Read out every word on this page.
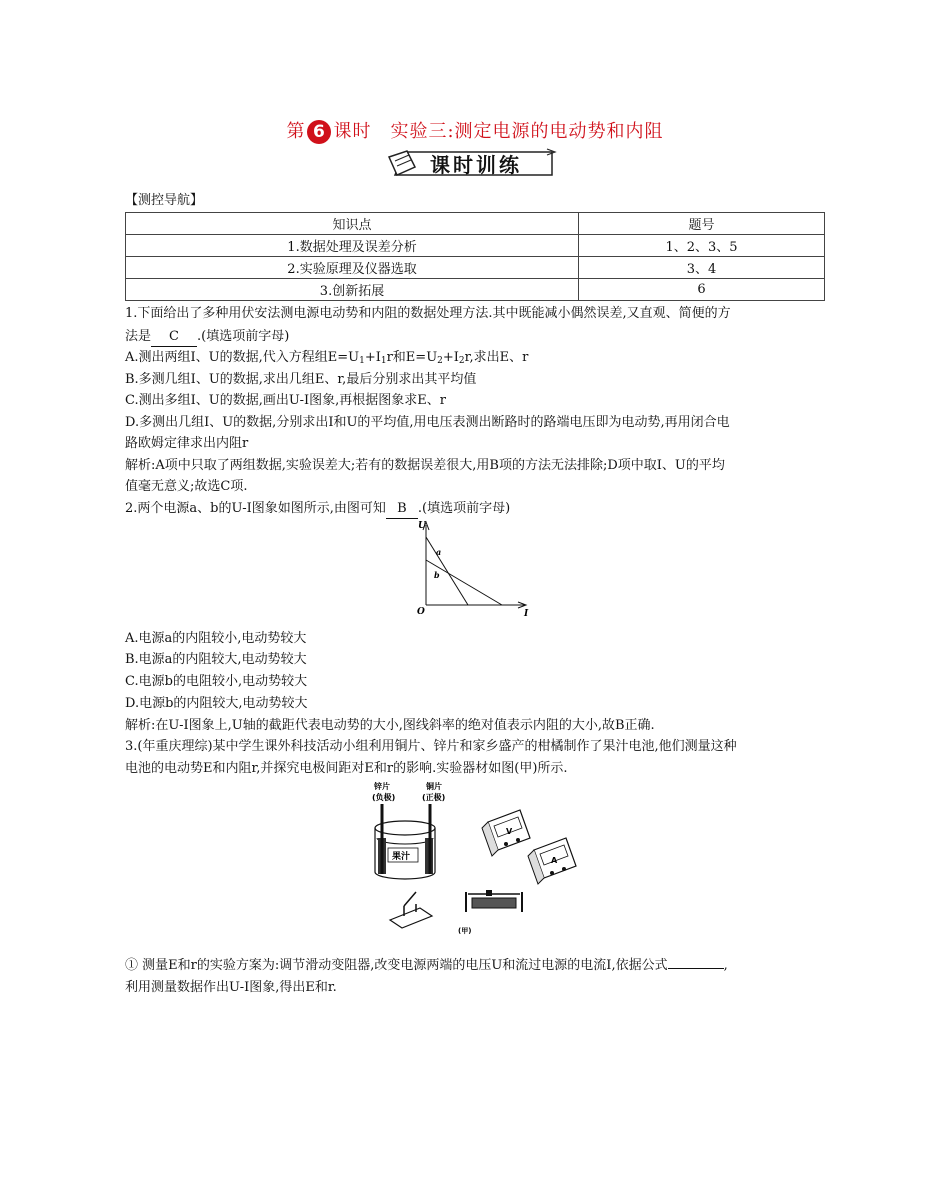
第 6 课时　实验三:测定电源的电动势和内阻
课时训练
【测控导航】
知识点	题号
1.数据处理及误差分析	1、2、3、5
2.实验原理及仪器选取	3、4
3.创新拓展	6
1.下面给出了多种用伏安法测电源电动势和内阻的数据处理方法.其中既能减小偶然误差,又直观、简便的方
法是 C .(填选项前字母)
A.测出两组I、U的数据,代入方程组$E=U_1+I_1r$和$E=U_2+I_2r$,求出E、r
B.多测几组I、U的数据,求出几组E、r,最后分别求出其平均值
C.测出多组I、U的数据,画出U-I图象,再根据图象求E、r
D.多测出几组I、U的数据,分别求出I和U的平均值,用电压表测出断路时的路端电压即为电动势,再用闭合电
路欧姆定律求出内阻r
解析:A项中只取了两组数据,实验误差大;若有的数据误差很大,用B项的方法无法排除;D项中取I、U的平均
值毫无意义;故选C项.
2.两个电源a、b的U-I图象如图所示,由图可知 B .(填选项前字母)
U
I
O
a
b
A.电源a的内阻较小,电动势较大
B.电源a的内阻较大,电动势较大
C.电源b的电阻较小,电动势较大
D.电源b的内阻较大,电动势较大
解析:在U-I图象上,U轴的截距代表电动势的大小,图线斜率的绝对值表示内阻的大小,故B正确.
3.(年重庆理综)某中学生课外科技活动小组利用铜片、锌片和家乡盛产的柑橘制作了果汁电池,他们测量这种
电池的电动势E和内阻r,并探究电极间距对E和r的影响.实验器材如图(甲)所示.
锌片
(负极)
铜片
(正极)
果汁
V
A
(甲)
① 测量E和r的实验方案为:调节滑动变阻器,改变电源两端的电压U和流过电源的电流I,依据公式	,
利用测量数据作出U-I图象,得出E和r.
